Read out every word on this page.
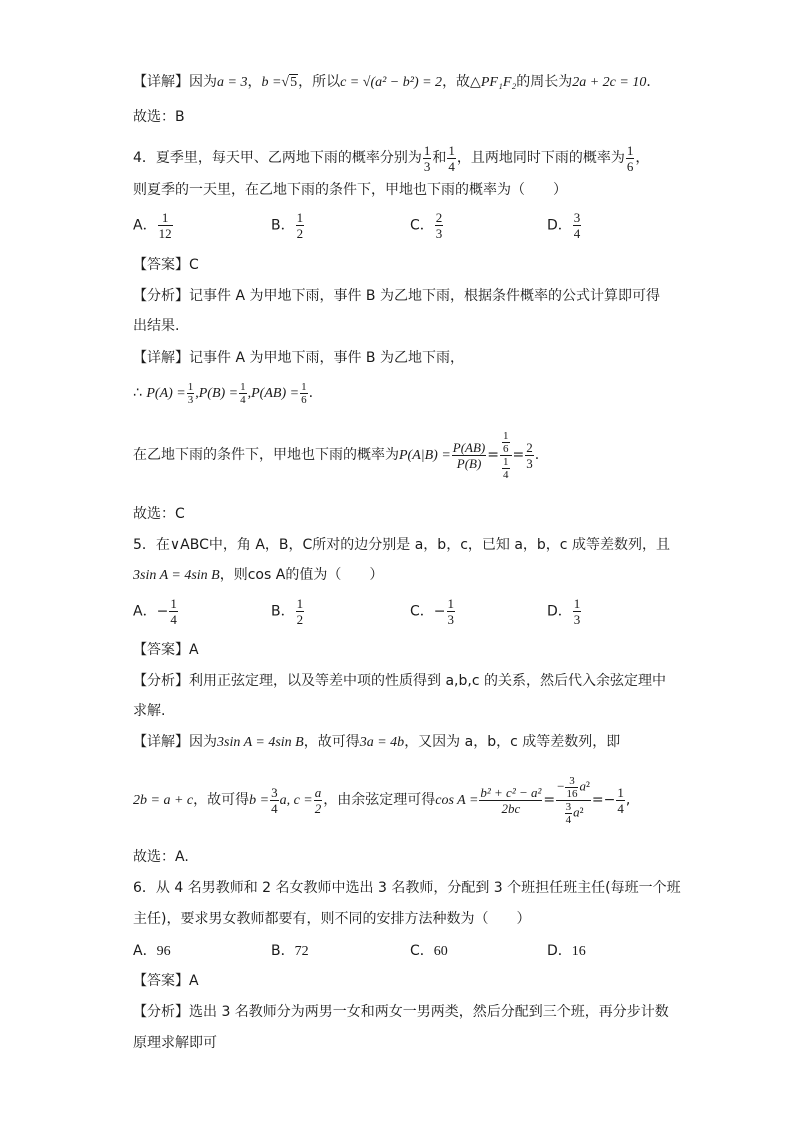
【详解】因为a = 3，b =√5，所以c = √(a² − b²) = 2，故△PF₁F₂的周长为2a + 2c = 10．
故选：B
4．夏季里，每天甲、乙两地下雨的概率分别为 $\frac{1}{3}$ 和 $\frac{1}{4}$ ，且两地同时下雨的概率为 $\frac{1}{6}$ ，
则夏季的一天里，在乙地下雨的条件下，甲地也下雨的概率为（　　）
A． $\frac{1}{12}$	B． $\frac{1}{2}$	C． $\frac{2}{3}$	D． $\frac{3}{4}$
【答案】C
【分析】记事件 A 为甲地下雨，事件 B 为乙地下雨，根据条件概率的公式计算即可得
出结果.
【详解】记事件 A 为甲地下雨，事件 B 为乙地下雨，
∴ $P(A) = \frac{1}{3} ,P(B) = \frac{1}{4} ,P(AB) = \frac{1}{6}$ .
在乙地下雨的条件下，甲地也下雨的概率为$P(A|B) = \frac{P(AB)}{P(B)} = \frac{\frac{1}{6}}{\frac{1}{4}} = \frac{2}{3}$ .
故选：C
5．在∨ABC中，角 A，B，C所对的边分别是 a，b，c，已知 a，b，c 成等差数列，且
3sin A = 4sin B，则cos A的值为（　　）
A．− $\frac{1}{4}$	B． $\frac{1}{2}$	C．− $\frac{1}{3}$	D． $\frac{1}{3}$
【答案】A
【分析】利用正弦定理，以及等差中项的性质得到 a,b,c 的关系，然后代入余弦定理中
求解.
【详解】因为3sin A = 4sin B，故可得3a = 4b，又因为 a，b，c 成等差数列，即
2b = a + c，故可得$b = \frac{3}{4} a$, $c = \frac{a}{2}$ ，由余弦定理可得$\cos A = \frac{\text{b² + c² − a²}}{2bc} = \frac{- \frac{3}{16} a^2}{\frac{3}{4} a^2} =- \frac{1}{4}$ ,
故选：A.
6．从 4 名男教师和 2 名女教师中选出 3 名教师，分配到 3 个班担任班主任(每班一个班
主任)，要求男女教师都要有，则不同的安排方法种数为（　　）
A．96	B．72	C．60	D．16
【答案】A
【分析】选出 3 名教师分为两男一女和两女一男两类，然后分配到三个班，再分步计数
原理求解即可
